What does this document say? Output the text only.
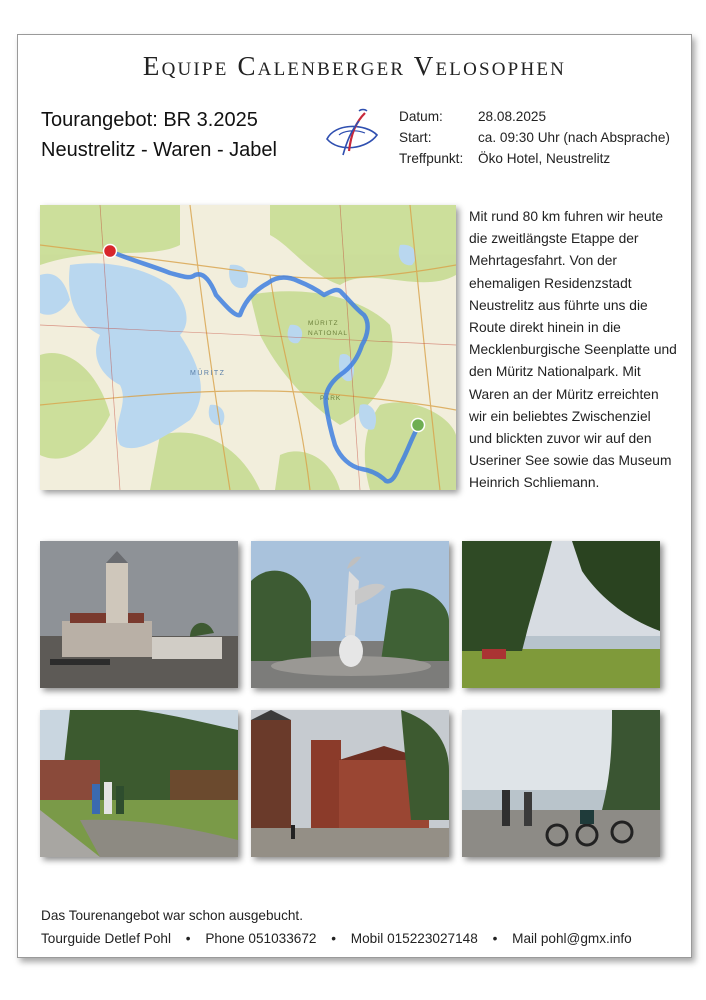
Equipe Calenberger Velosophen
Tourangebot: BR 3.2025
Neustrelitz - Waren - Jabel
Datum:	28.08.2025
Start:	ca. 09:30 Uhr (nach Absprache)
Treffpunkt:	Öko Hotel, Neustrelitz
MÜRITZ
MÜRITZ
NATIONAL
PARK
Mit rund 80 km fuhren wir heute die zweitlängste Etappe der Mehrtagesfahrt. Von der ehemaligen Residenzstadt Neustrelitz aus führte uns die Route direkt hinein in die Mecklenburgische Seenplatte und den Müritz Nationalpark. Mit Waren an der Müritz erreichten wir ein beliebtes Zwischenziel und blickten zuvor wir auf den Useriner See sowie das Museum Heinrich Schliemann.
Das Tourenangebot war schon ausgebucht.
Tourguide Detlef Pohl • Phone 051033672 • Mobil 015223027148 • Mail pohl@gmx.info
